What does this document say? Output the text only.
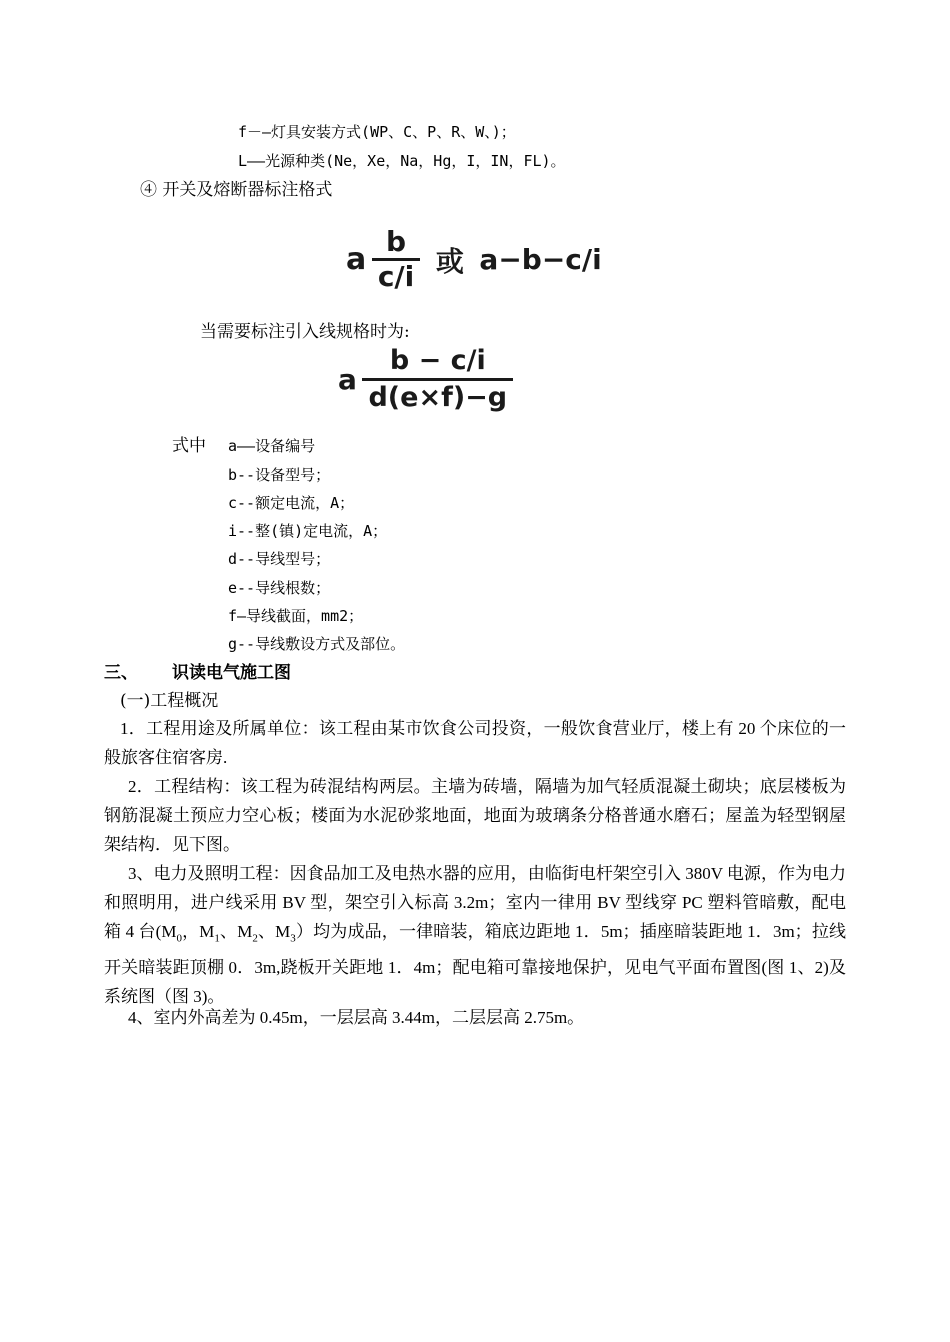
f－—灯具安装方式(WP、C、P、R、W、)；
L——光源种类(Ne，Xe，Na，Hg，I，IN，FL)。
④ 开关及熔断器标注格式
a $\frac{b}{c/i}$ 或 a−b−c/i
当需要标注引入线规格时为:
a $\frac{b - c/i}{d(e\times f)-g}$
式中 a——设备编号
b--设备型号；
c--额定电流，A；
i--整(镇)定电流，A；
d--导线型号；
e--导线根数；
f—导线截面，mm2；
g--导线敷设方式及部位。
三、 识读电气施工图
(一)工程概况
1．工程用途及所属单位：该工程由某市饮食公司投资，一般饮食营业厅，楼上有 20 个床位的一般旅客住宿客房.
2．工程结构：该工程为砖混结构两层。主墙为砖墙，隔墙为加气轻质混凝土砌块；底层楼板为钢筋混凝土预应力空心板；楼面为水泥砂浆地面，地面为玻璃条分格普通水磨石；屋盖为轻型钢屋架结构．见下图。
3、电力及照明工程：因食品加工及电热水器的应用，由临街电杆架空引入 380V 电源，作为电力和照明用，进户线采用 BV 型，架空引入标高 3.2m；室内一律用 BV 型线穿 PC 塑料管暗敷，配电箱 4 台($M_0$，$M_1$、$M_2$、$M_3$）均为成品，一律暗装，箱底边距地 1．5m；插座暗装距地 1．3m；拉线开关暗装距顶棚 0．3m,跷板开关距地 1．4m；配电箱可靠接地保护，见电气平面布置图(图 1、2)及系统图（图 3)。
4、室内外高差为 0.45m，一层层高 3.44m，二层层高 2.75m。
